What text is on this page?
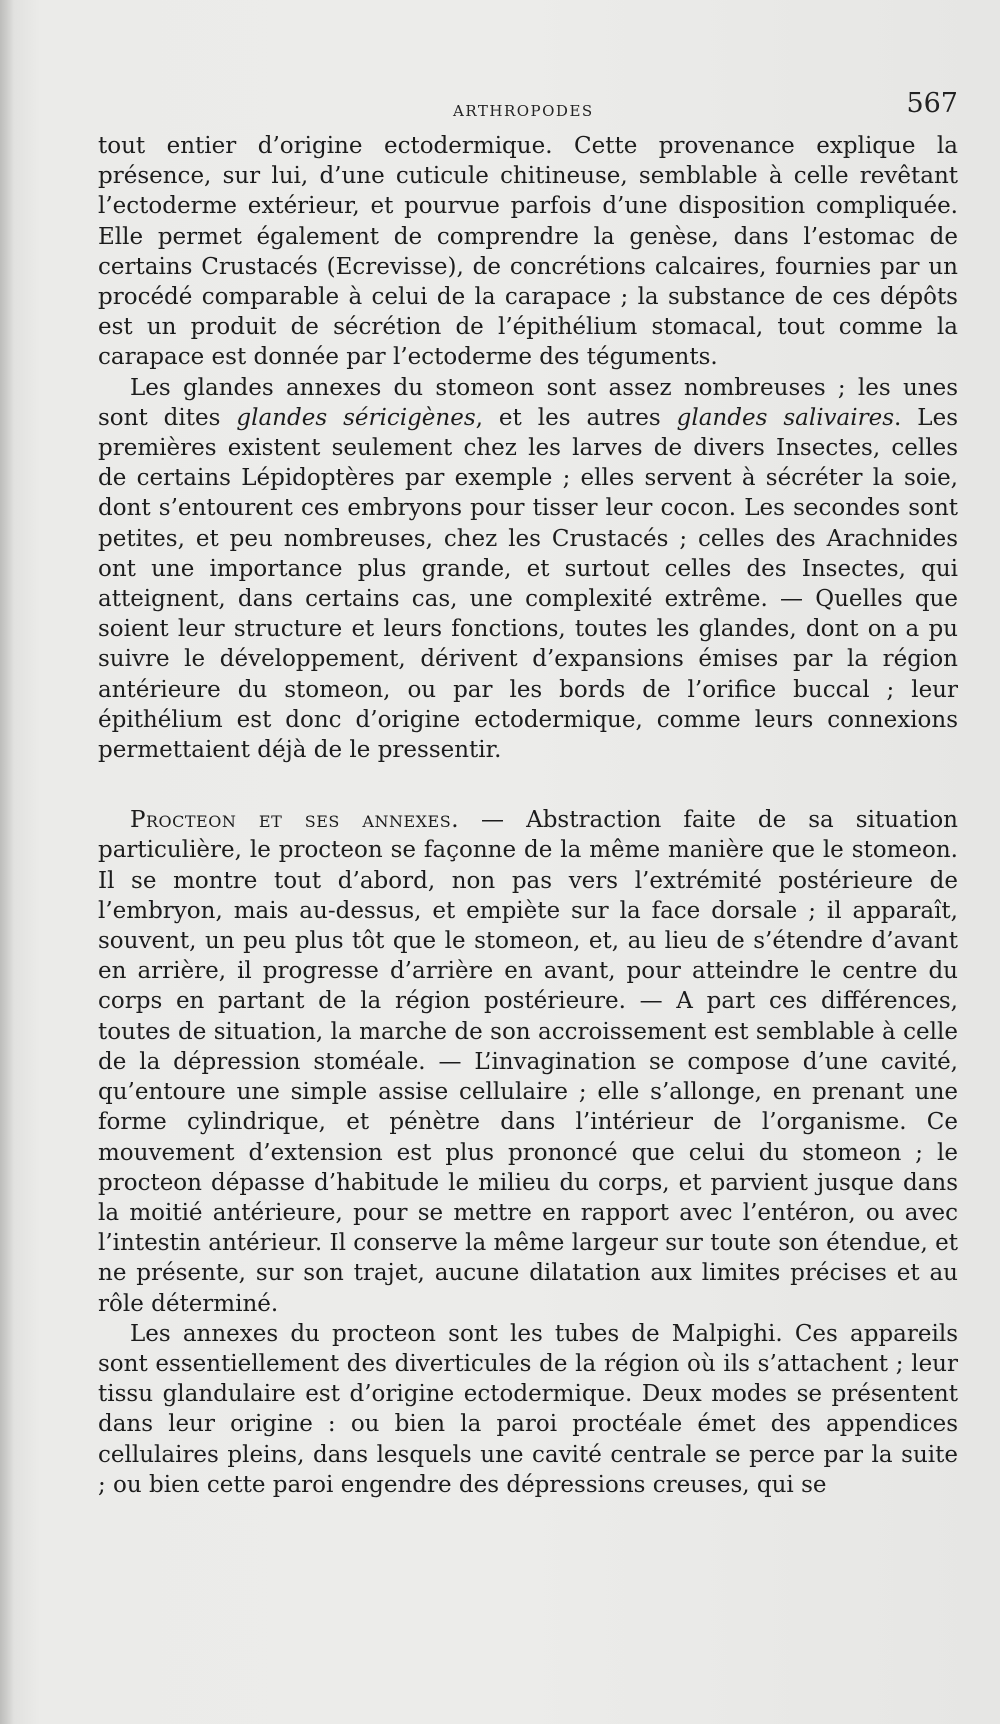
ARTHROPODES	567

tout entier d’origine ectodermique. Cette provenance explique la présence, sur lui, d’une cuticule chitineuse, semblable à celle revêtant l’ectoderme extérieur, et pourvue parfois d’une disposition compliquée. Elle permet également de comprendre la genèse, dans l’estomac de certains Crustacés (Ecrevisse), de concrétions calcaires, fournies par un procédé comparable à celui de la carapace ; la substance de ces dépôts est un produit de sécrétion de l’épithélium stomacal, tout comme la carapace est donnée par l’ectoderme des téguments.

Les glandes annexes du stomeon sont assez nombreuses ; les unes sont dites glandes séricigènes, et les autres glandes salivaires. Les premières existent seulement chez les larves de divers Insectes, celles de certains Lépidoptères par exemple ; elles servent à sécréter la soie, dont s’entourent ces embryons pour tisser leur cocon. Les secondes sont petites, et peu nombreuses, chez les Crustacés ; celles des Arachnides ont une importance plus grande, et surtout celles des Insectes, qui atteignent, dans certains cas, une complexité extrême. — Quelles que soient leur structure et leurs fonctions, toutes les glandes, dont on a pu suivre le développement, dérivent d’expansions émises par la région antérieure du stomeon, ou par les bords de l’orifice buccal ; leur épithélium est donc d’origine ectodermique, comme leurs connexions permettaient déjà de le pressentir.

Procteon et ses annexes. — Abstraction faite de sa situation particulière, le procteon se façonne de la même manière que le stomeon. Il se montre tout d’abord, non pas vers l’extrémité postérieure de l’embryon, mais au-dessus, et empiète sur la face dorsale ; il apparaît, souvent, un peu plus tôt que le stomeon, et, au lieu de s’étendre d’avant en arrière, il progresse d’arrière en avant, pour atteindre le centre du corps en partant de la région postérieure. — A part ces différences, toutes de situation, la marche de son accroissement est semblable à celle de la dépression stoméale. — L’invagination se compose d’une cavité, qu’entoure une simple assise cellulaire ; elle s’allonge, en prenant une forme cylindrique, et pénètre dans l’intérieur de l’organisme. Ce mouvement d’extension est plus prononcé que celui du stomeon ; le procteon dépasse d’habitude le milieu du corps, et parvient jusque dans la moitié antérieure, pour se mettre en rapport avec l’entéron, ou avec l’intestin antérieur. Il conserve la même largeur sur toute son étendue, et ne présente, sur son trajet, aucune dilatation aux limites précises et au rôle déterminé.

Les annexes du procteon sont les tubes de Malpighi. Ces appareils sont essentiellement des diverticules de la région où ils s’attachent ; leur tissu glandulaire est d’origine ectodermique. Deux modes se présentent dans leur origine : ou bien la paroi proctéale émet des appendices cellulaires pleins, dans lesquels une cavité centrale se perce par la suite ; ou bien cette paroi engendre des dépressions creuses, qui se
